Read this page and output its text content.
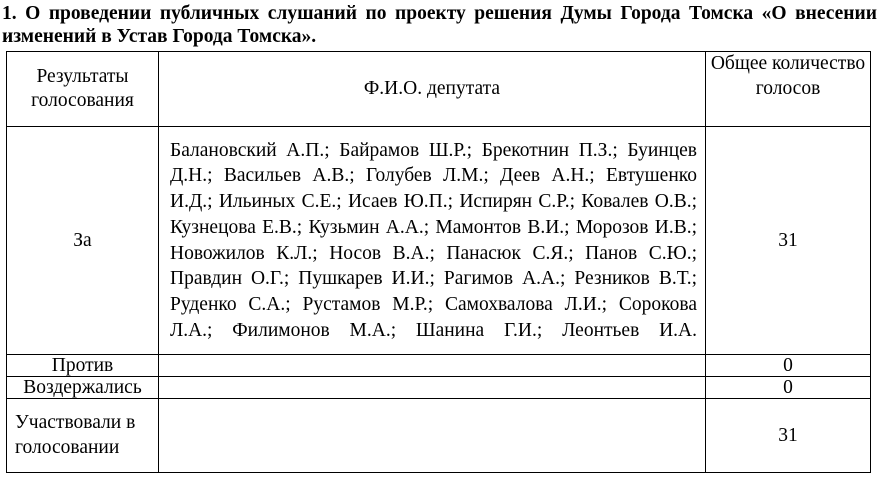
1. О проведении публичных слушаний по проекту решения Думы Города Томска «О внесении изменений в Устав Города Томска».
Результаты голосования	Ф.И.О. депутата	Общее количество голосов
За	Балановский А.П.; Байрамов Ш.Р.; Брекотнин П.З.; Буинцев Д.Н.; Васильев А.В.; Голубев Л.М.; Деев А.Н.; Евтушенко И.Д.; Ильиных С.Е.; Исаев Ю.П.; Испирян С.Р.; Ковалев О.В.; Кузнецова Е.В.; Кузьмин А.А.; Мамонтов В.И.; Морозов И.В.; Новожилов К.Л.; Носов В.А.; Панасюк С.Я.; Панов С.Ю.; Правдин О.Г.; Пушкарев И.И.; Рагимов А.А.; Резников В.Т.; Руденко С.А.; Рустамов М.Р.; Самохвалова Л.И.; Сорокова Л.А.; Филимонов М.А.; Шанина Г.И.; Леонтьев И.А.	31
Против		0
Воздержались		0
Участвовали в голосовании		31
